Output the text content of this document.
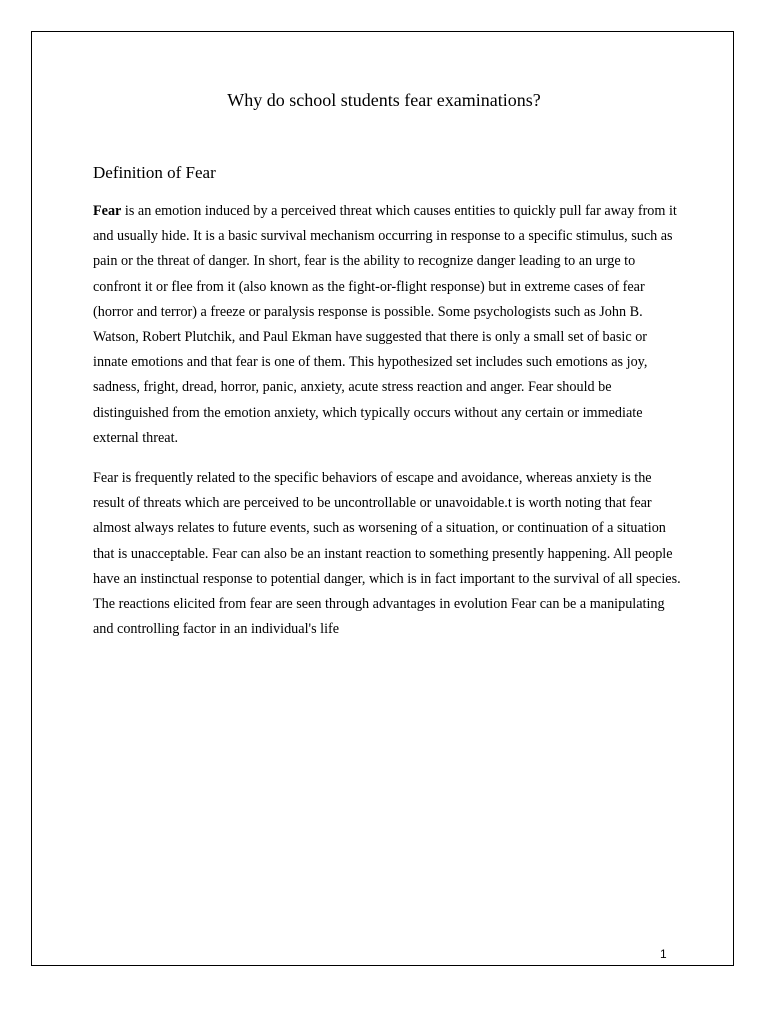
Why do school students fear examinations?
Definition of Fear

Fear is an emotion induced by a perceived threat which causes entities to quickly pull far away from it and usually hide. It is a basic survival mechanism occurring in response to a specific stimulus, such as pain or the threat of danger. In short, fear is the ability to recognize danger leading to an urge to confront it or flee from it (also known as the fight-or-flight response) but in extreme cases of fear (horror and terror) a freeze or paralysis response is possible. Some psychologists such as John B. Watson, Robert Plutchik, and Paul Ekman have suggested that there is only a small set of basic or innate emotions and that fear is one of them. This hypothesized set includes such emotions as joy, sadness, fright, dread, horror, panic, anxiety, acute stress reaction and anger. Fear should be distinguished from the emotion anxiety, which typically occurs without any certain or immediate external threat.

Fear is frequently related to the specific behaviors of escape and avoidance, whereas anxiety is the result of threats which are perceived to be uncontrollable or unavoidable.t is worth noting that fear almost always relates to future events, such as worsening of a situation, or continuation of a situation that is unacceptable. Fear can also be an instant reaction to something presently happening. All people have an instinctual response to potential danger, which is in fact important to the survival of all species. The reactions elicited from fear are seen through advantages in evolution Fear can be a manipulating and controlling factor in an individual's life

1
